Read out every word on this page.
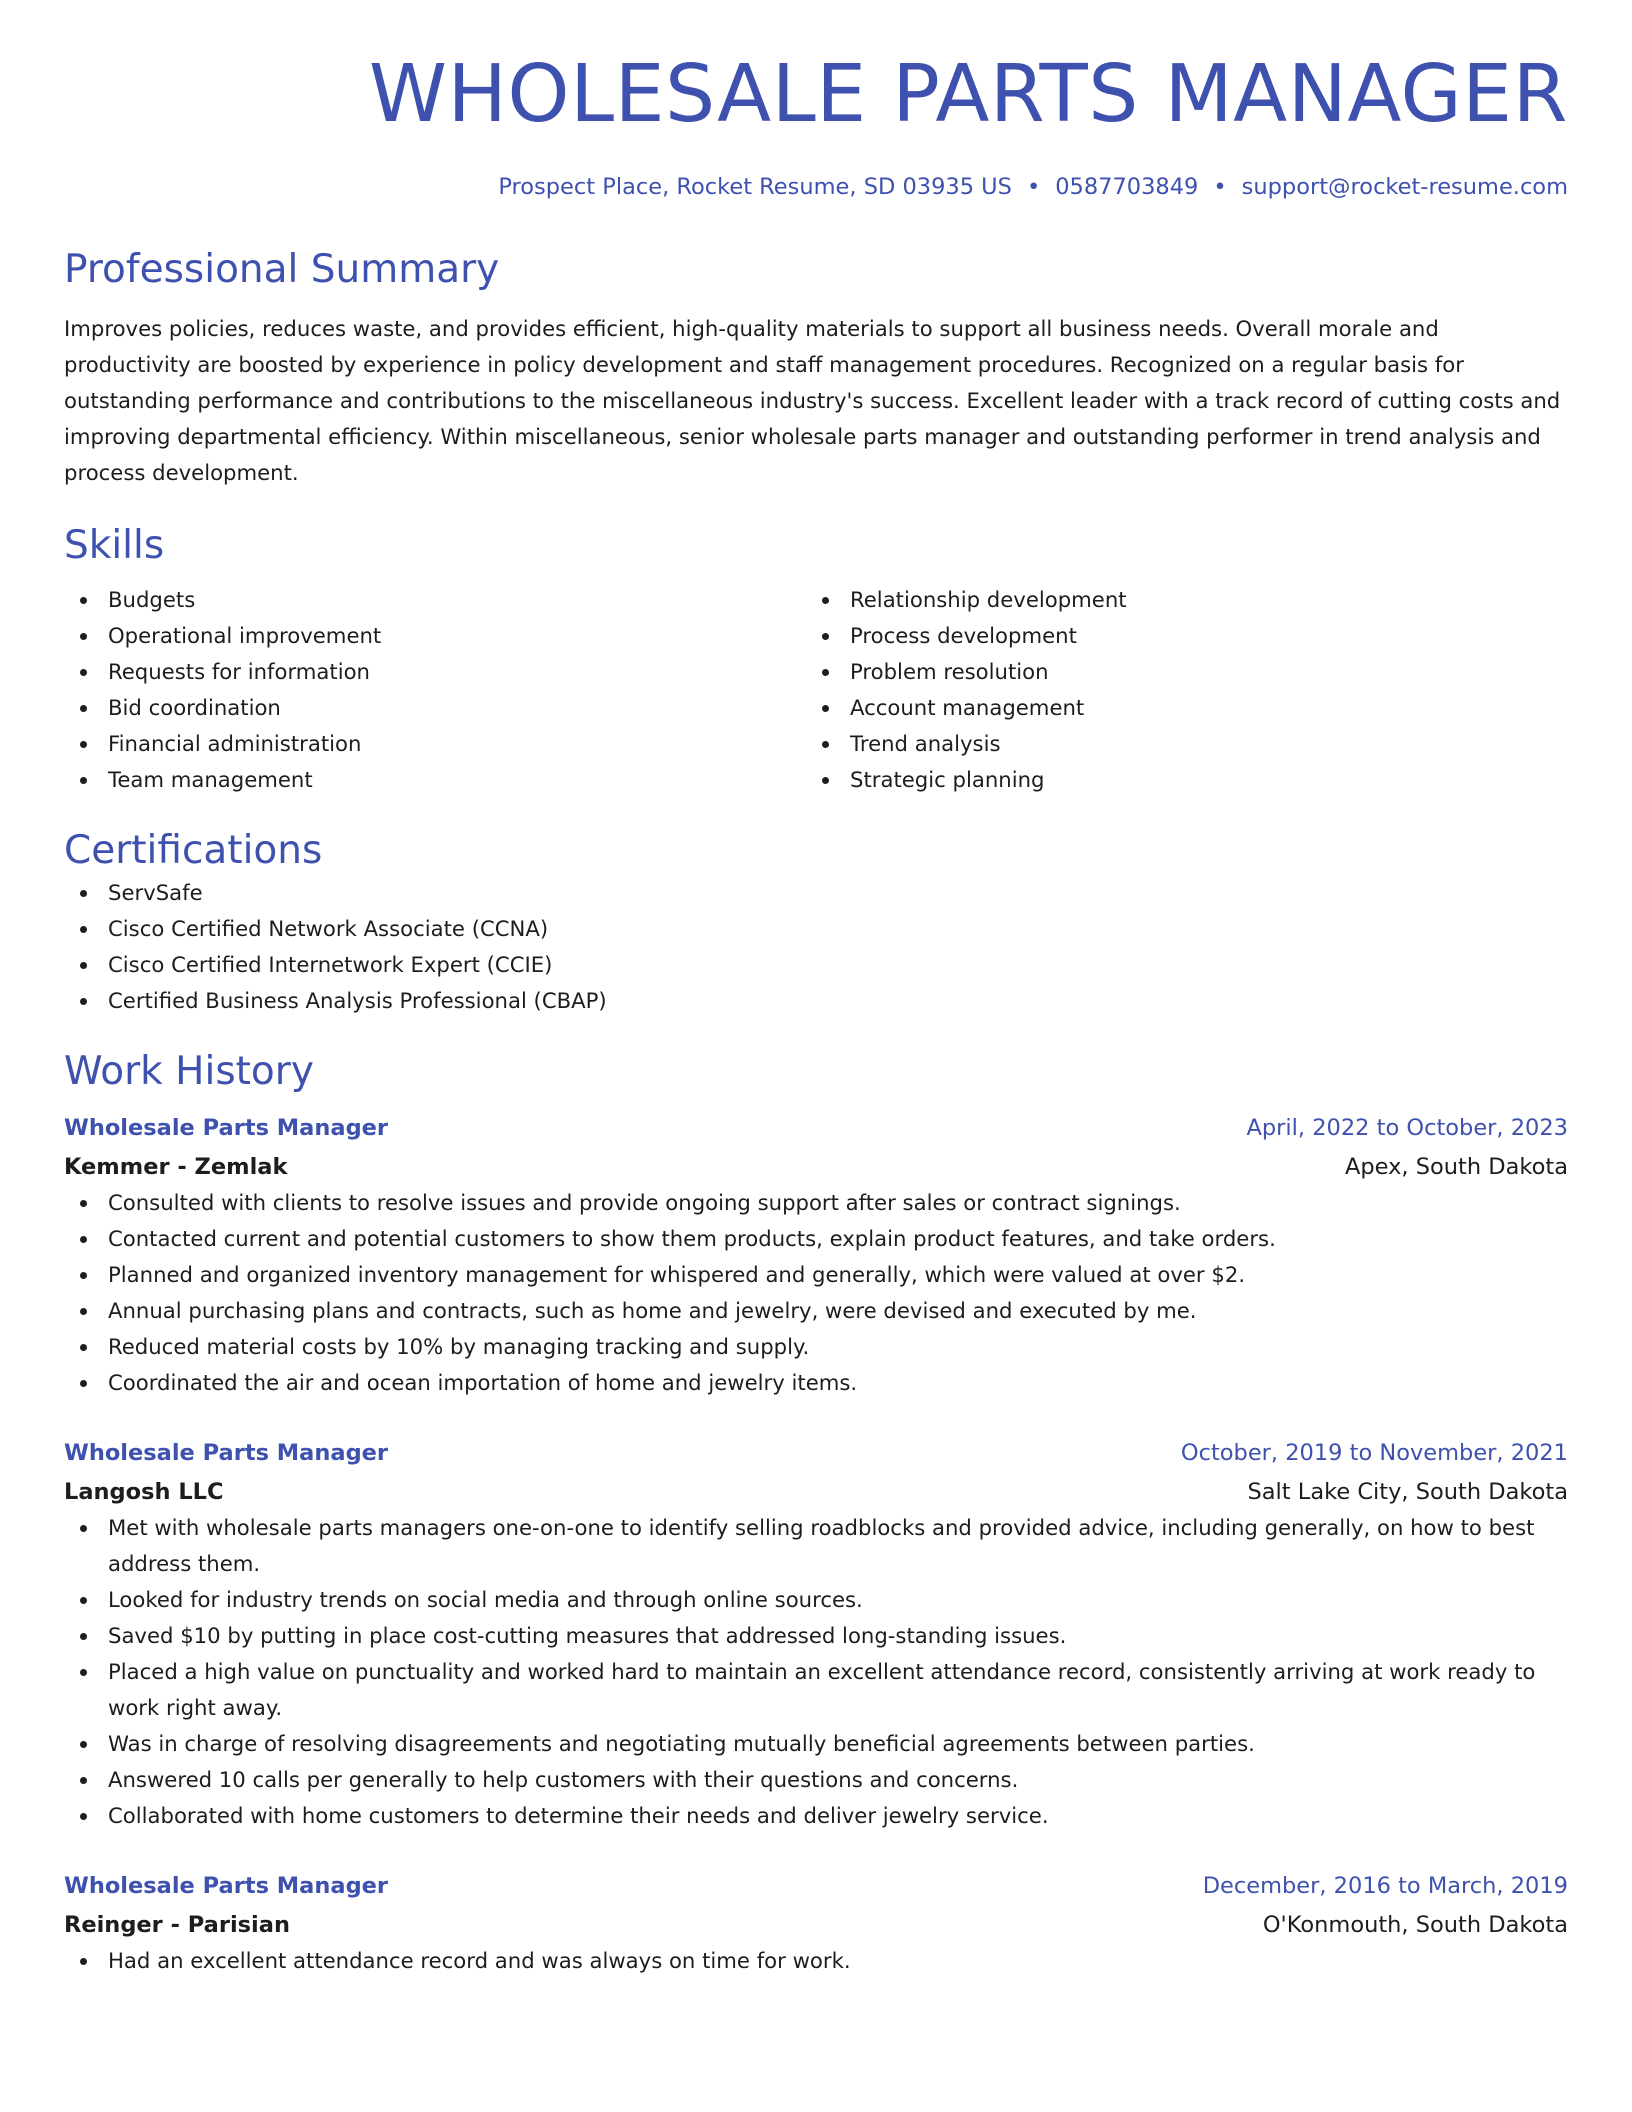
WHOLESALE PARTS MANAGER
Prospect Place, Rocket Resume, SD 03935 US • 0587703849 • support@rocket-resume.com
Professional Summary

Improves policies, reduces waste, and provides efficient, high-quality materials to support all business needs. Overall morale and productivity are boosted by experience in policy development and staff management procedures. Recognized on a regular basis for outstanding performance and contributions to the miscellaneous industry's success. Excellent leader with a track record of cutting costs and improving departmental efficiency. Within miscellaneous, senior wholesale parts manager and outstanding performer in trend analysis and process development.

Skills
Budgets
Operational improvement
Requests for information
Bid coordination
Financial administration
Team management
Relationship development
Process development
Problem resolution
Account management
Trend analysis
Strategic planning
Certifications
ServSafe
Cisco Certified Network Associate (CCNA)
Cisco Certified Internetwork Expert (CCIE)
Certified Business Analysis Professional (CBAP)
Work History
Wholesale Parts Manager	April, 2022 to October, 2023
Kemmer - Zemlak	Apex, South Dakota
Consulted with clients to resolve issues and provide ongoing support after sales or contract signings.
Contacted current and potential customers to show them products, explain product features, and take orders.
Planned and organized inventory management for whispered and generally, which were valued at over $2.
Annual purchasing plans and contracts, such as home and jewelry, were devised and executed by me.
Reduced material costs by 10% by managing tracking and supply.
Coordinated the air and ocean importation of home and jewelry items.
Wholesale Parts Manager	October, 2019 to November, 2021
Langosh LLC	Salt Lake City, South Dakota
Met with wholesale parts managers one-on-one to identify selling roadblocks and provided advice, including generally, on how to best address them.
Looked for industry trends on social media and through online sources.
Saved $10 by putting in place cost-cutting measures that addressed long-standing issues.
Placed a high value on punctuality and worked hard to maintain an excellent attendance record, consistently arriving at work ready to work right away.
Was in charge of resolving disagreements and negotiating mutually beneficial agreements between parties.
Answered 10 calls per generally to help customers with their questions and concerns.
Collaborated with home customers to determine their needs and deliver jewelry service.
Wholesale Parts Manager	December, 2016 to March, 2019
Reinger - Parisian	O'Konmouth, South Dakota
Had an excellent attendance record and was always on time for work.
